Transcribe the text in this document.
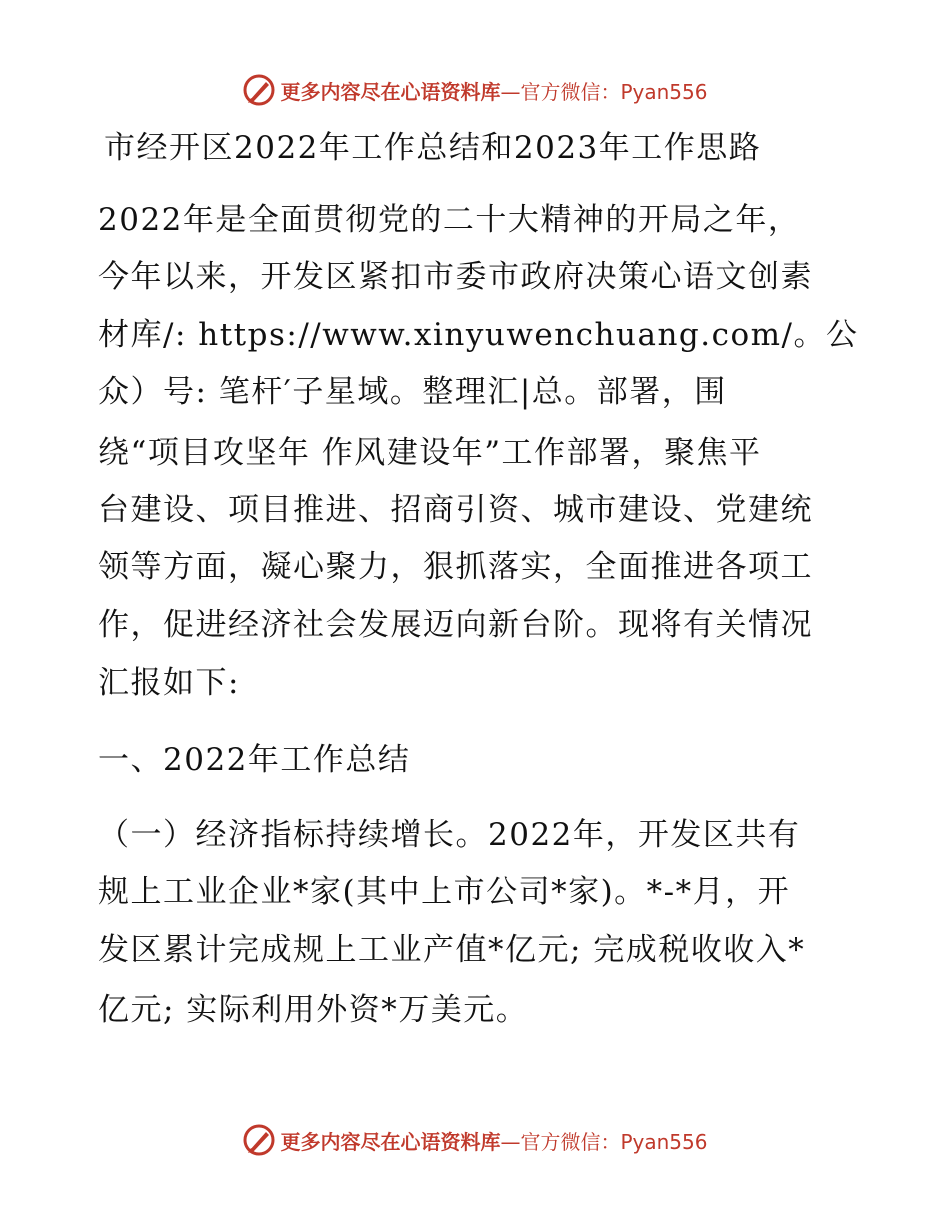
更多内容尽在心语资料库—官方微信：Pyan556
市经开区2022年工作总结和2023年工作思路
2022年是全面贯彻党的二十大精神的开局之年，
今年以来，开发区紧扣市委市政府决策心语文创素
材库/: https://www.xinyuwenchuang.com/。公
众）号: 笔杆′子星域。整理汇|总。部署，围
绕“项目攻坚年 作风建设年”工作部署，聚焦平
台建设、项目推进、招商引资、城市建设、党建统
领等方面，凝心聚力，狠抓落实，全面推进各项工
作，促进经济社会发展迈向新台阶。现将有关情况
汇报如下:
一、2022年工作总结
（一）经济指标持续增长。2022年，开发区共有
规上工业企业*家(其中上市公司*家)。*-*月，开
发区累计完成规上工业产值*亿元; 完成税收收入*
亿元; 实际利用外资*万美元。
更多内容尽在心语资料库—官方微信：Pyan556
